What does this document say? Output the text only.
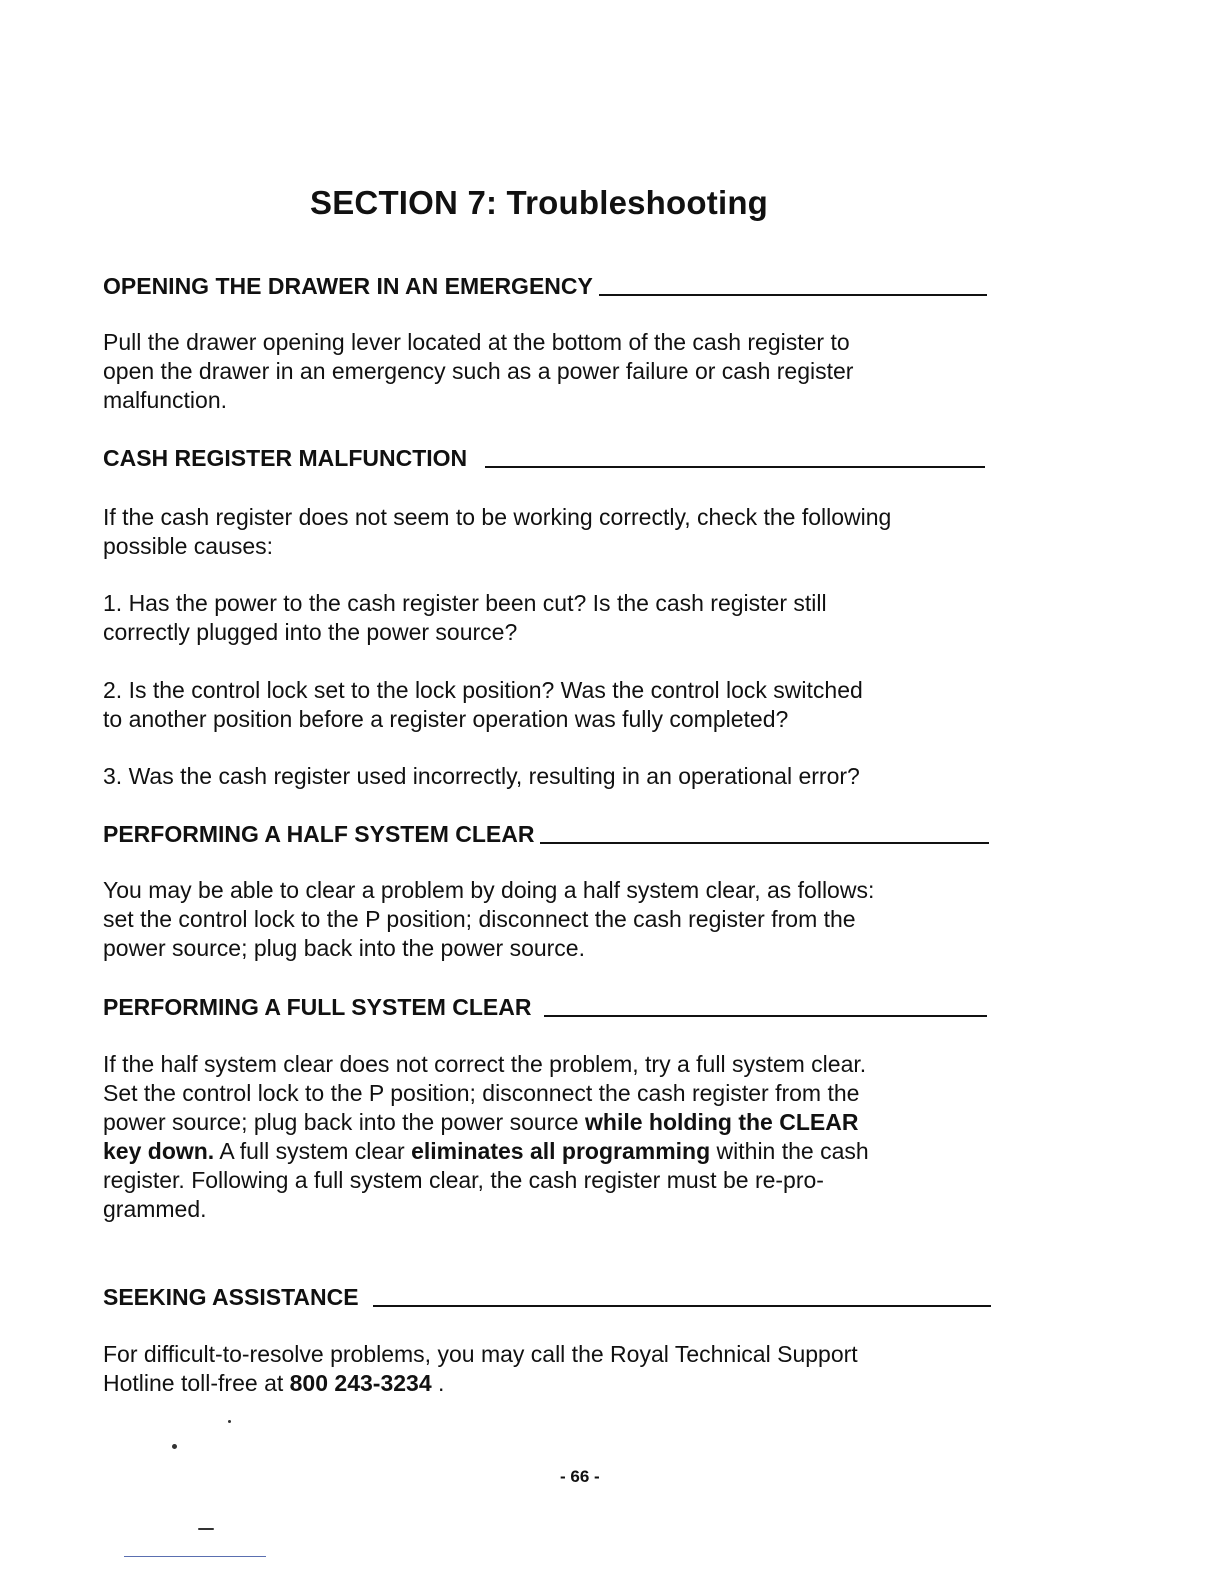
SECTION 7: Troubleshooting
OPENING THE DRAWER IN AN EMERGENCY
Pull the drawer opening lever located at the bottom of the cash register to
open the drawer in an emergency such as a power failure or cash register
malfunction.
CASH REGISTER MALFUNCTION
If the cash register does not seem to be working correctly, check the following
possible causes:
1. Has the power to the cash register been cut? Is the cash register still
correctly plugged into the power source?
2. Is the control lock set to the lock position? Was the control lock switched
to another position before a register operation was fully completed?
3. Was the cash register used incorrectly, resulting in an operational error?
PERFORMING A HALF SYSTEM CLEAR
You may be able to clear a problem by doing a half system clear, as follows:
set the control lock to the P position; disconnect the cash register from the
power source; plug back into the power source.
PERFORMING A FULL SYSTEM CLEAR
If the half system clear does not correct the problem, try a full system clear.
Set the control lock to the P position; disconnect the cash register from the
power source; plug back into the power source while holding the CLEAR
key down. A full system clear eliminates all programming within the cash
register. Following a full system clear, the cash register must be re-pro-
grammed.
SEEKING ASSISTANCE
For difficult-to-resolve problems, you may call the Royal Technical Support
Hotline toll-free at 800 243-3234 .
- 66 -
